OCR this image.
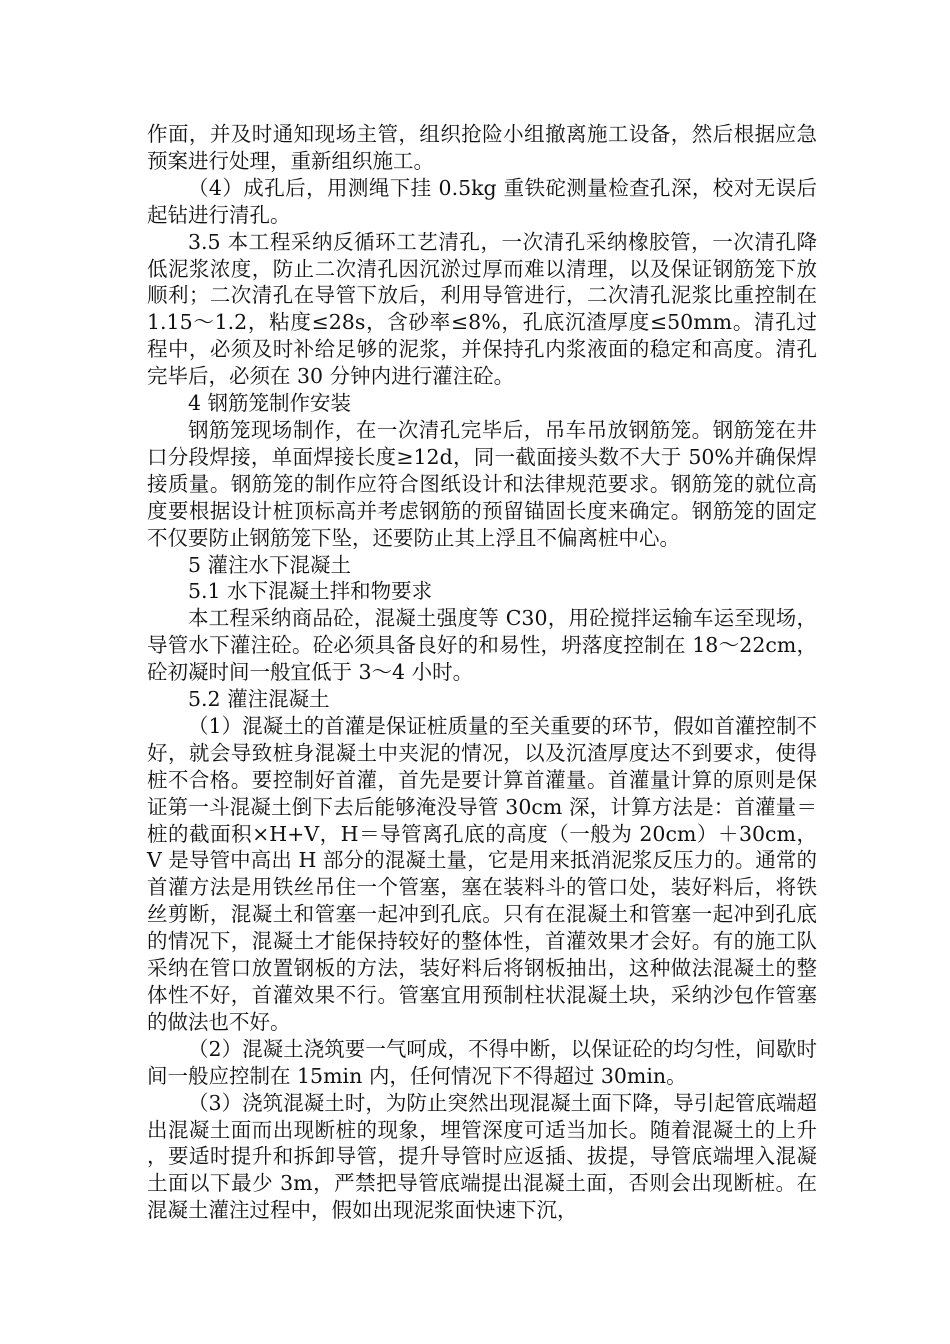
作面，并及时通知现场主管，组织抢险小组撤离施工设备，然后根据应急预案进行处理，重新组织施工。

（4）成孔后，用测绳下挂 0.5kg 重铁砣测量检查孔深，校对无误后起钻进行清孔。

3.5 本工程采纳反循环工艺清孔，一次清孔采纳橡胶管，一次清孔降低泥浆浓度，防止二次清孔因沉淤过厚而难以清理，以及保证钢筋笼下放顺利；二次清孔在导管下放后，利用导管进行，二次清孔泥浆比重控制在 1.15～1.2，粘度≤28s，含砂率≤8%，孔底沉渣厚度≤50mm。清孔过程中，必须及时补给足够的泥浆，并保持孔内浆液面的稳定和高度。清孔完毕后，必须在 30 分钟内进行灌注砼。

4 钢筋笼制作安装

钢筋笼现场制作，在一次清孔完毕后，吊车吊放钢筋笼。钢筋笼在井口分段焊接，单面焊接长度≥12d，同一截面接头数不大于 50%并确保焊接质量。钢筋笼的制作应符合图纸设计和法律规范要求。钢筋笼的就位高度要根据设计桩顶标高并考虑钢筋的预留锚固长度来确定。钢筋笼的固定不仅要防止钢筋笼下坠，还要防止其上浮且不偏离桩中心。

5 灌注水下混凝土

5.1 水下混凝土拌和物要求

本工程采纳商品砼，混凝土强度等 C30，用砼搅拌运输车运至现场，导管水下灌注砼。砼必须具备良好的和易性，坍落度控制在 18～22cm，砼初凝时间一般宜低于 3～4 小时。

5.2 灌注混凝土

（1）混凝土的首灌是保证桩质量的至关重要的环节，假如首灌控制不好，就会导致桩身混凝土中夹泥的情况，以及沉渣厚度达不到要求，使得桩不合格。要控制好首灌，首先是要计算首灌量。首灌量计算的原则是保证第一斗混凝土倒下去后能够淹没导管 30cm 深，计算方法是：首灌量＝桩的截面积×H+V，H＝导管离孔底的高度（一般为 20cm）＋30cm，V 是导管中高出 H 部分的混凝土量，它是用来抵消泥浆反压力的。通常的首灌方法是用铁丝吊住一个管塞，塞在装料斗的管口处，装好料后，将铁丝剪断，混凝土和管塞一起冲到孔底。只有在混凝土和管塞一起冲到孔底的情况下，混凝土才能保持较好的整体性，首灌效果才会好。有的施工队采纳在管口放置钢板的方法，装好料后将钢板抽出，这种做法混凝土的整体性不好，首灌效果不行。管塞宜用预制柱状混凝土块，采纳沙包作管塞的做法也不好。

（2）混凝土浇筑要一气呵成，不得中断，以保证砼的均匀性，间歇时间一般应控制在 15min 内，任何情况下不得超过 30min。

（3）浇筑混凝土时，为防止突然出现混凝土面下降，导引起管底端超出混凝土面而出现断桩的现象，埋管深度可适当加长。随着混凝土的上升，要适时提升和拆卸导管，提升导管时应返插、拔提，导管底端埋入混凝土面以下最少 3m，严禁把导管底端提出混凝土面，否则会出现断桩。在混凝土灌注过程中，假如出现泥浆面快速下沉，
